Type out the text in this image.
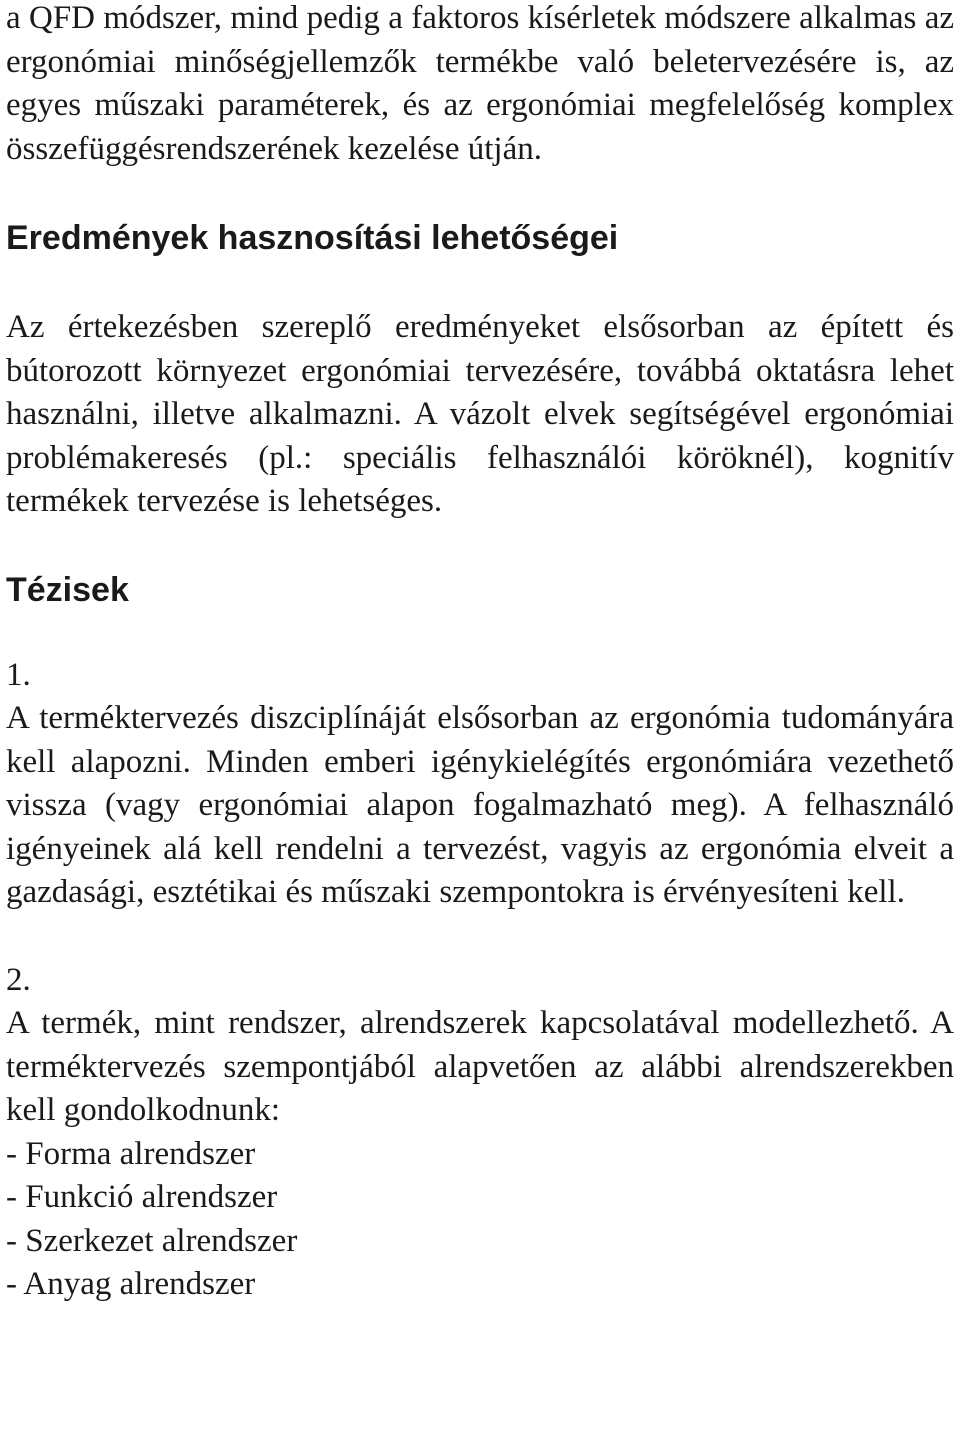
a QFD módszer, mind pedig a faktoros kísérletek módszere alkalmas az ergonómiai minőségjellemzők termékbe való beletervezésére is, az egyes műszaki paraméterek, és az ergonómiai megfelelőség komplex összefüggésrendszerének kezelése útján.

Eredmények hasznosítási lehetőségei

Az értekezésben szereplő eredményeket elsősorban az épített és bútorozott környezet ergonómiai tervezésére, továbbá oktatásra lehet használni, illetve alkalmazni. A vázolt elvek segítségével ergonómiai problémakeresés (pl.: speciális felhasználói köröknél), kognitív termékek tervezése is lehetséges.

Tézisek
1.

A terméktervezés diszciplínáját elsősorban az ergonómia tudományára kell alapozni. Minden emberi igénykielégítés ergonómiára vezethető vissza (vagy ergonómiai alapon fogalmazható meg). A felhasználó igényeinek alá kell rendelni a tervezést, vagyis az ergonómia elveit a gazdasági, esztétikai és műszaki szempontokra is érvényesíteni kell.

2.

A termék, mint rendszer, alrendszerek kapcsolatával modellezhető. A terméktervezés szempontjából alapvetően az alábbi alrendszerekben kell gondolkodnunk:

- Forma alrendszer
- Funkció alrendszer
- Szerkezet alrendszer
- Anyag alrendszer
